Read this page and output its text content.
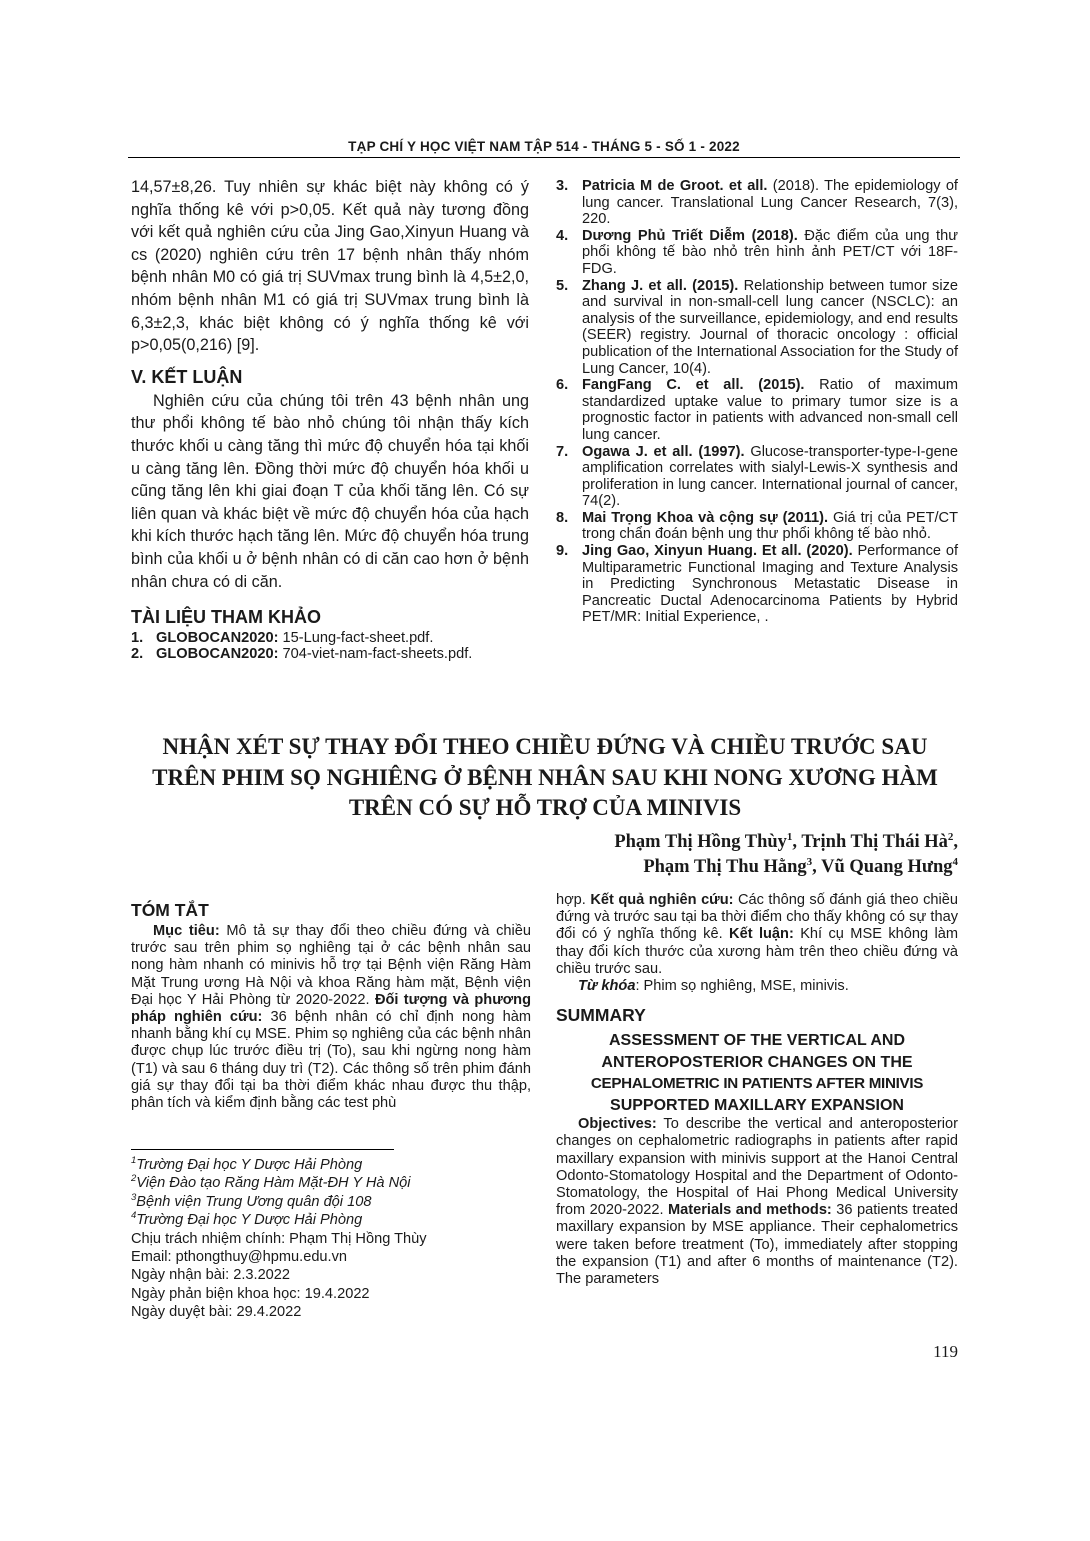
TẠP CHÍ Y HỌC VIỆT NAM TẬP 514 - THÁNG 5 - SỐ 1 - 2022

14,57±8,26. Tuy nhiên sự khác biệt này không có ý nghĩa thống kê với p>0,05. Kết quả này tương đồng với kết quả nghiên cứu của Jing Gao,Xinyun Huang và cs (2020) nghiên cứu trên 17 bệnh nhân thấy nhóm bệnh nhân M0 có giá trị SUVmax trung bình là 4,5±2,0, nhóm bệnh nhân M1 có giá trị SUVmax trung bình là 6,3±2,3, khác biệt không có ý nghĩa thống kê với p>0,05(0,216) [9].

V. KẾT LUẬN

Nghiên cứu của chúng tôi trên 43 bệnh nhân ung thư phổi không tế bào nhỏ chúng tôi nhận thấy kích thước khối u càng tăng thì mức độ chuyển hóa tại khối u càng tăng lên. Đồng thời mức độ chuyển hóa khối u cũng tăng lên khi giai đoạn T của khối tăng lên. Có sự liên quan và khác biệt về mức độ chuyển hóa của hạch khi kích thước hạch tăng lên. Mức độ chuyển hóa trung bình của khối u ở bệnh nhân có di căn cao hơn ở bệnh nhân chưa có di căn.

TÀI LIỆU THAM KHẢO

1. GLOBOCAN2020: 15-Lung-fact-sheet.pdf.
2. GLOBOCAN2020: 704-viet-nam-fact-sheets.pdf.
3. Patricia M de Groot. et all. (2018). The epidemiology of lung cancer. Translational Lung Cancer Research, 7(3), 220.
4. Dương Phủ Triết Diễm (2018). Đặc điểm của ung thư phổi không tế bào nhỏ trên hình ảnh PET/CT với 18F-FDG.
5. Zhang J. et all. (2015). Relationship between tumor size and survival in non-small-cell lung cancer (NSCLC): an analysis of the surveillance, epidemiology, and end results (SEER) registry. Journal of thoracic oncology : official publication of the International Association for the Study of Lung Cancer, 10(4).
6. FangFang C. et all. (2015). Ratio of maximum standardized uptake value to primary tumor size is a prognostic factor in patients with advanced non-small cell lung cancer.
7. Ogawa J. et all. (1997). Glucose-transporter-type-I-gene amplification correlates with sialyl-Lewis-X synthesis and proliferation in lung cancer. International journal of cancer, 74(2).
8. Mai Trọng Khoa và cộng sự (2011). Giá trị của PET/CT trong chẩn đoán bệnh ung thư phổi không tế bào nhỏ.
9. Jing Gao, Xinyun Huang. Et all. (2020). Performance of Multiparametric Functional Imaging and Texture Analysis in Predicting Synchronous Metastatic Disease in Pancreatic Ductal Adenocarcinoma Patients by Hybrid PET/MR: Initial Experience, .
NHẬN XÉT SỰ THAY ĐỔI THEO CHIỀU ĐỨNG VÀ CHIỀU TRƯỚC SAU
TRÊN PHIM SỌ NGHIÊNG Ở BỆNH NHÂN SAU KHI NONG XƯƠNG HÀM
TRÊN CÓ SỰ HỖ TRỢ CỦA MINIVIS
Phạm Thị Hồng Thùy$^1$, Trịnh Thị Thái $Hà^2$,
Phạm Thị Thu Hằng$^3$, Vũ Quang Hưng$^4$

TÓM TẮT

Mục tiêu: Mô tả sự thay đổi theo chiều đứng và chiều trước sau trên phim sọ nghiêng tại ở các bệnh nhân sau nong hàm nhanh có minivis hỗ trợ tại Bệnh viện Răng Hàm Mặt Trung ương Hà Nội và khoa Răng hàm mặt, Bệnh viện Đại học Y Hải Phòng từ 2020-2022. Đối tượng và phương pháp nghiên cứu: 36 bệnh nhân có chỉ định nong hàm nhanh bằng khí cụ MSE. Phim sọ nghiêng của các bệnh nhân được chụp lúc trước điều trị (To), sau khi ngừng nong hàm (T1) và sau 6 tháng duy trì (T2). Các thông số trên phim đánh giá sự thay đổi tại ba thời điểm khác nhau được thu thập, phân tích và kiểm định bằng các test phù

$^1$Trường Đại học Y Dược Hải Phòng
$^2$Viện Đào tạo Răng Hàm Mặt-ĐH Y Hà Nội
$^3$Bệnh viện Trung Ương quân đội 108
$^4$Trường Đại học Y Dược Hải Phòng
Chịu trách nhiệm chính: Phạm Thị Hồng Thùy
Email: pthongthuy@hpmu.edu.vn
Ngày nhận bài: 2.3.2022
Ngày phản biện khoa học: 19.4.2022
Ngày duyệt bài: 29.4.2022

hợp. Kết quả nghiên cứu: Các thông số đánh giá theo chiều đứng và trước sau tại ba thời điểm cho thấy không có sự thay đổi có ý nghĩa thống kê. Kết luận: Khí cụ MSE không làm thay đổi kích thước của xương hàm trên theo chiều đứng và chiều trước sau.

Từ khóa: Phim sọ nghiêng, MSE, minivis.

SUMMARY

ASSESSMENT OF THE VERTICAL AND

ANTEROPOSTERIOR CHANGES ON THE

CEPHALOMETRIC IN PATIENTS AFTER MINIVIS

SUPPORTED MAXILLARY EXPANSION

Objectives: To describe the vertical and anteroposterior changes on cephalometric radiographs in patients after rapid maxillary expansion with minivis support at the Hanoi Central Odonto-Stomatology Hospital and the Department of Odonto-Stomatology, the Hospital of Hai Phong Medical University from 2020-2022. Materials and methods: 36 patients treated maxillary expansion by MSE appliance. Their cephalometrics were taken before treatment (To), immediately after stopping the expansion (T1) and after 6 months of maintenance (T2). The parameters

119
